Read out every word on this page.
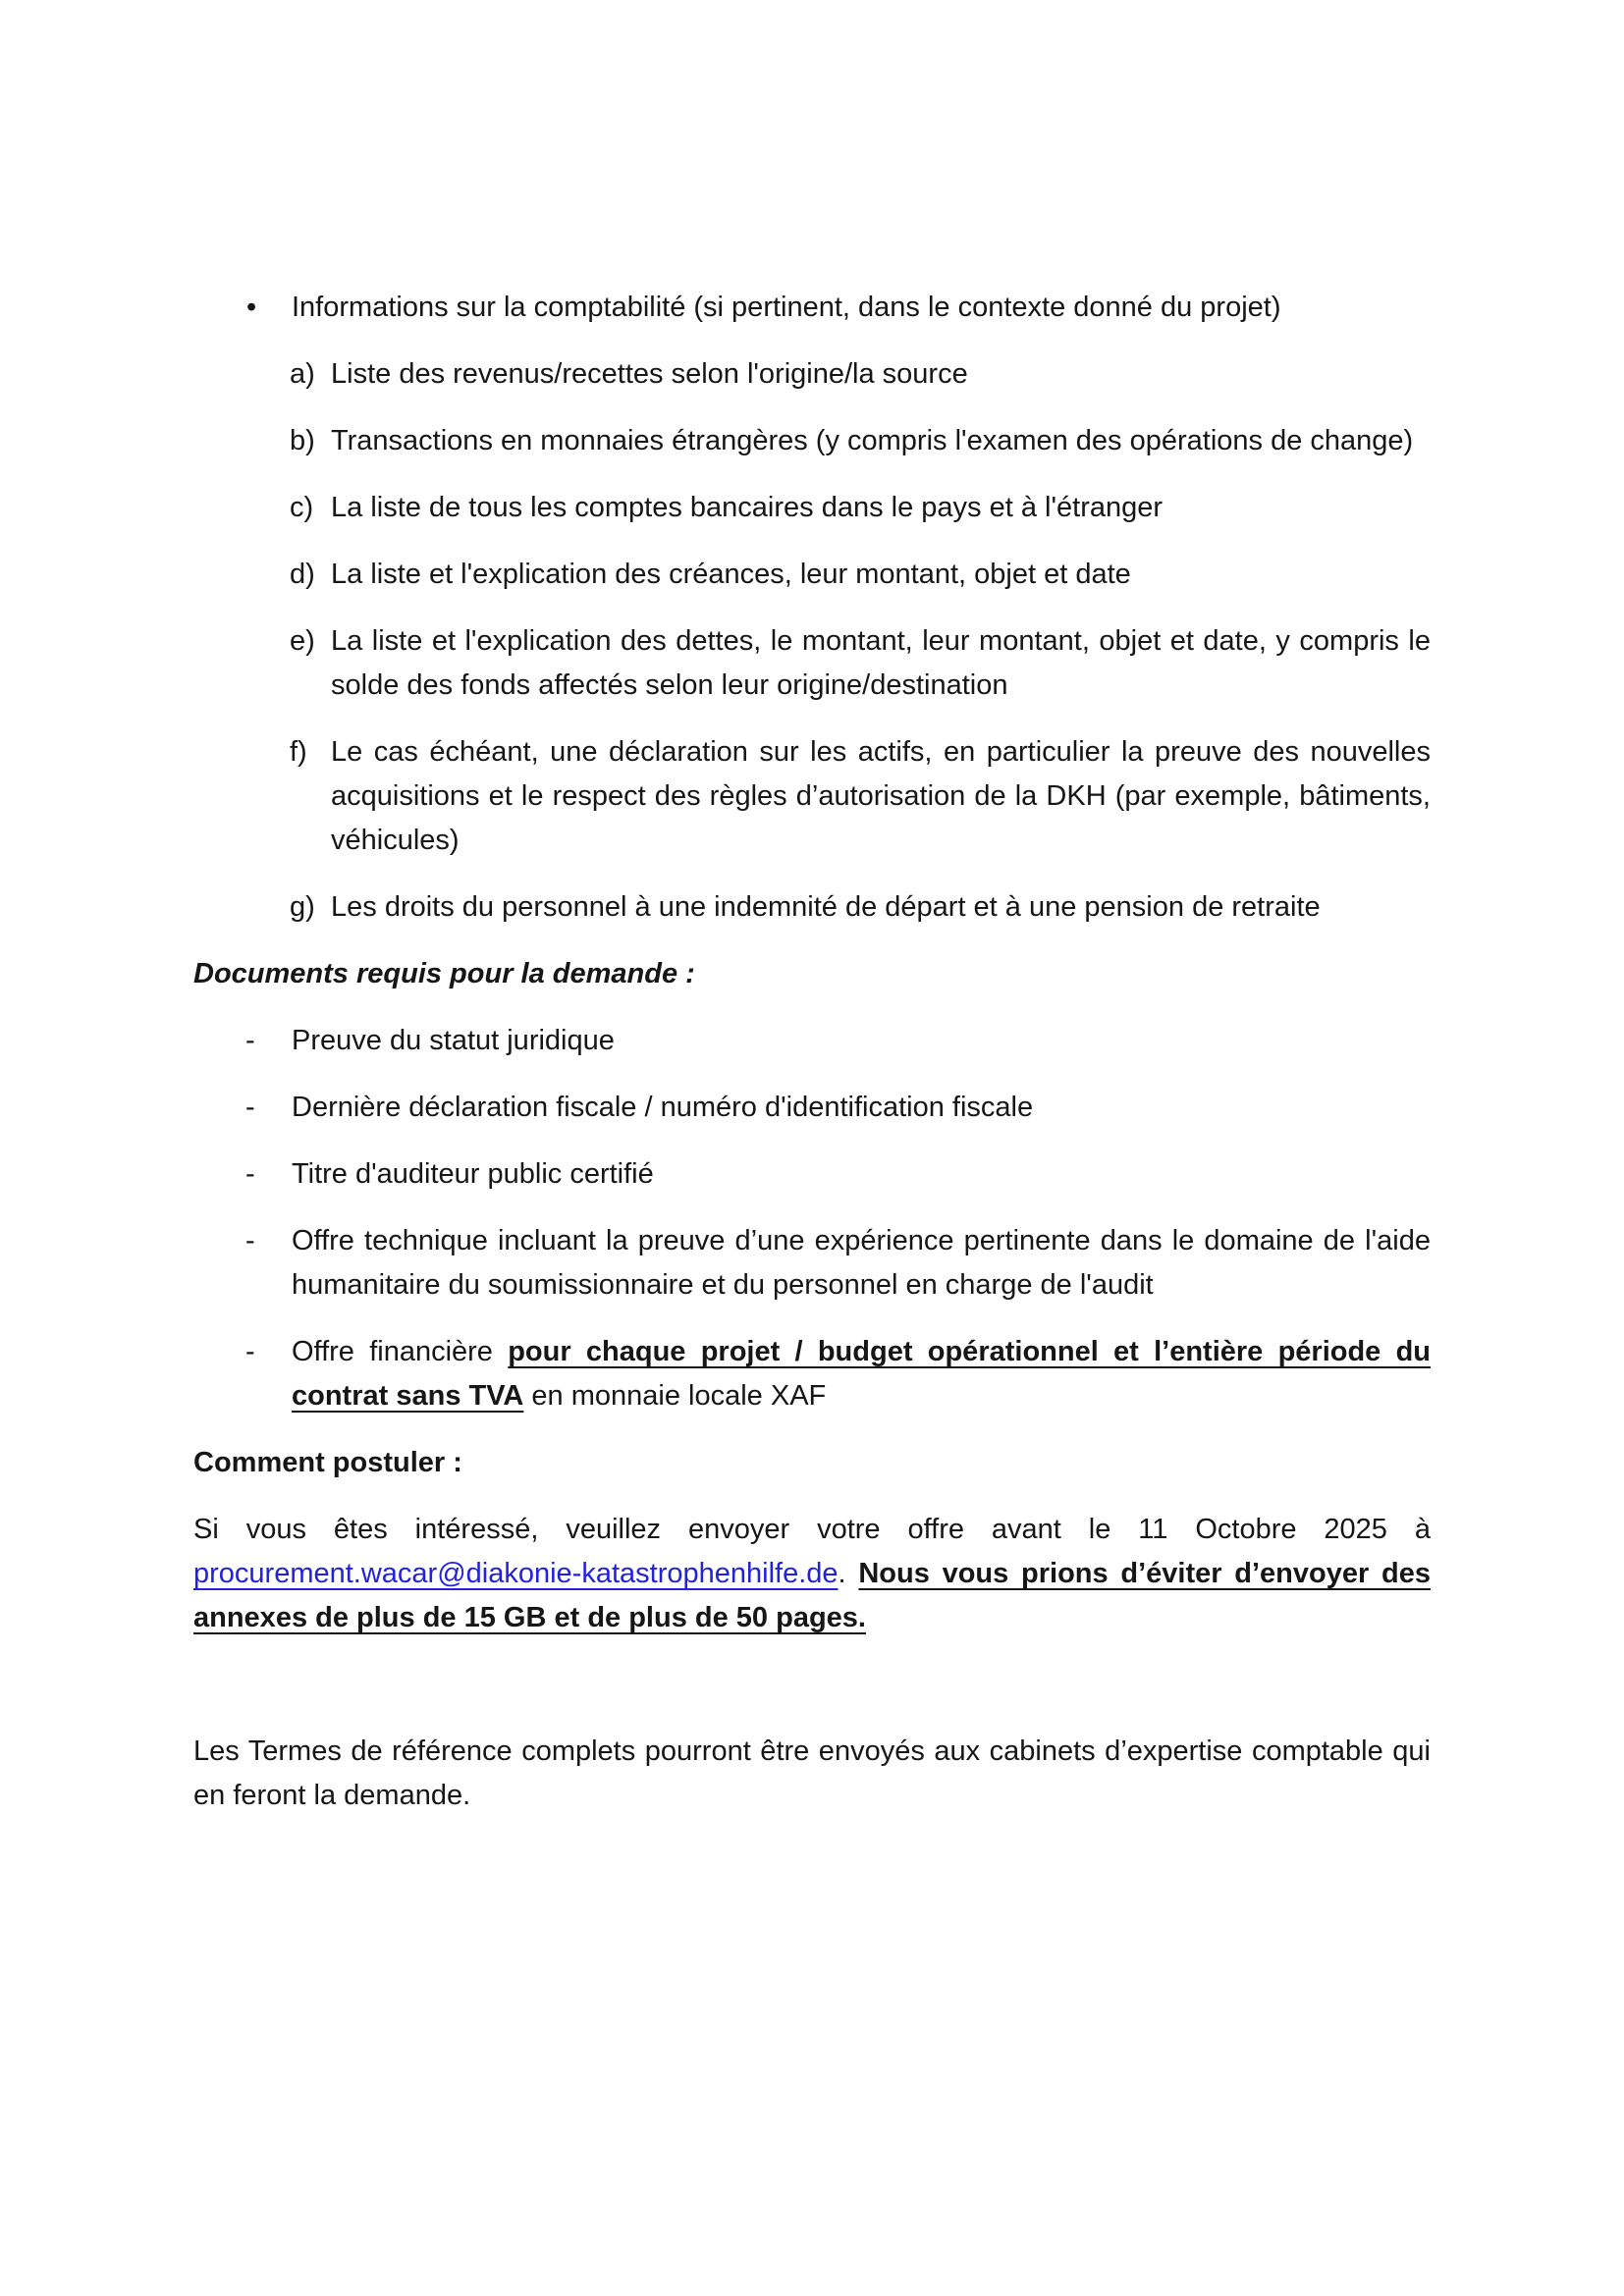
• Informations sur la comptabilité (si pertinent, dans le contexte donné du projet)
a) Liste des revenus/recettes selon l'origine/la source
b) Transactions en monnaies étrangères (y compris l'examen des opérations de change)
c) La liste de tous les comptes bancaires dans le pays et à l'étranger
d) La liste et l'explication des créances, leur montant, objet et date
e) La liste et l'explication des dettes, le montant, leur montant, objet et date, y compris le solde des fonds affectés selon leur origine/destination
f) Le cas échéant, une déclaration sur les actifs, en particulier la preuve des nouvelles acquisitions et le respect des règles d’autorisation de la DKH (par exemple, bâtiments, véhicules)
g) Les droits du personnel à une indemnité de départ et à une pension de retraite
Documents requis pour la demande :
- Preuve du statut juridique
- Dernière déclaration fiscale / numéro d'identification fiscale
- Titre d'auditeur public certifié
- Offre technique incluant la preuve d’une expérience pertinente dans le domaine de l'aide humanitaire du soumissionnaire et du personnel en charge de l'audit
- Offre financière pour chaque projet / budget opérationnel et l’entière période du contrat sans TVA en monnaie locale XAF
Comment postuler :
Si vous êtes intéressé, veuillez envoyer votre offre avant le 11 Octobre 2025 à procurement.wacar@diakonie-katastrophenhilfe.de. Nous vous prions d’éviter d’envoyer des annexes de plus de 15 GB et de plus de 50 pages.
Les Termes de référence complets pourront être envoyés aux cabinets d’expertise comptable qui en feront la demande.
